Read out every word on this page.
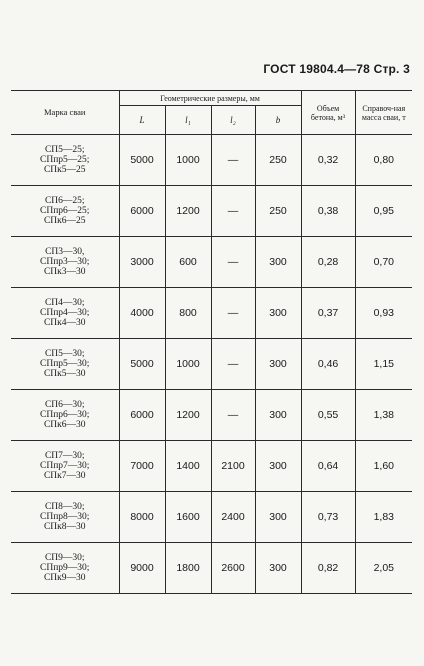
ГОСТ 19804.4—78 Стр. 3
Марка сваи	Геометрические размеры, мм				Объем бетона, м³	Справоч-ная масса сваи, т
	L	l₁	l₂	b		

СП5—25;
СПпр5—25;
СПк5—25	5000	1000	—	250	0,32	0,80

СП6—25;
СПпр6—25;
СПк6—25	6000	1200	—	250	0,38	0,95

СП3—30,
СПпр3—30;
СПк3—30	3000	600	—	300	0,28	0,70

СП4—30;
СПпр4—30;
СПк4—30	4000	800	—	300	0,37	0,93

СП5—30;
СПпр5—30;
СПк5—30	5000	1000	—	300	0,46	1,15

СП6—30;
СПпр6—30;
СПк6—30	6000	1200	—	300	0,55	1,38

СП7—30;
СПпр7—30;
СПк7—30	7000	1400	2100	300	0,64	1,60

СП8—30;
СПпр8—30;
СПк8—30	8000	1600	2400	300	0,73	1,83

СП9—30;
СПпр9—30;
СПк9—30	9000	1800	2600	300	0,82	2,05
